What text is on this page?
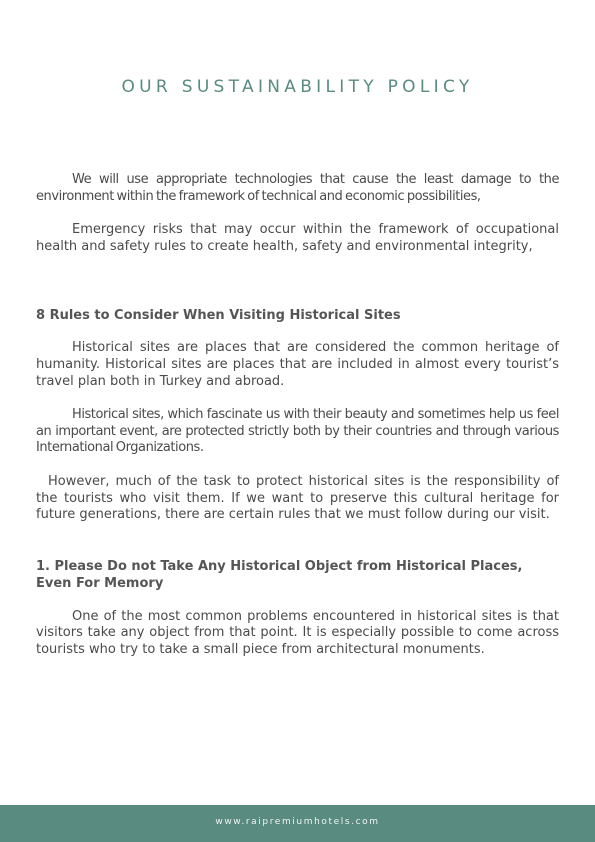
OUR SUSTAINABILITY POLICY

We will use appropriate technologies that cause the least damage to the environment within the framework of technical and economic possibilities,

Emergency risks that may occur within the framework of occupational health and safety rules to create health, safety and environmental integrity,

8 Rules to Consider When Visiting Historical Sites

Historical sites are places that are considered the common heritage of humanity. Historical sites are places that are included in almost every tourist’s travel plan both in Turkey and abroad.

Historical sites, which fascinate us with their beauty and sometimes help us feel an important event, are protected strictly both by their countries and through various International Organizations.

However, much of the task to protect historical sites is the responsibility of the tourists who visit them. If we want to preserve this cultural heritage for future generations, there are certain rules that we must follow during our visit.

1. Please Do not Take Any Historical Object from Historical Places, Even For Memory

One of the most common problems encountered in historical sites is that visitors take any object from that point. It is especially possible to come across tourists who try to take a small piece from architectural monuments.

www.raipremiumhotels.com
